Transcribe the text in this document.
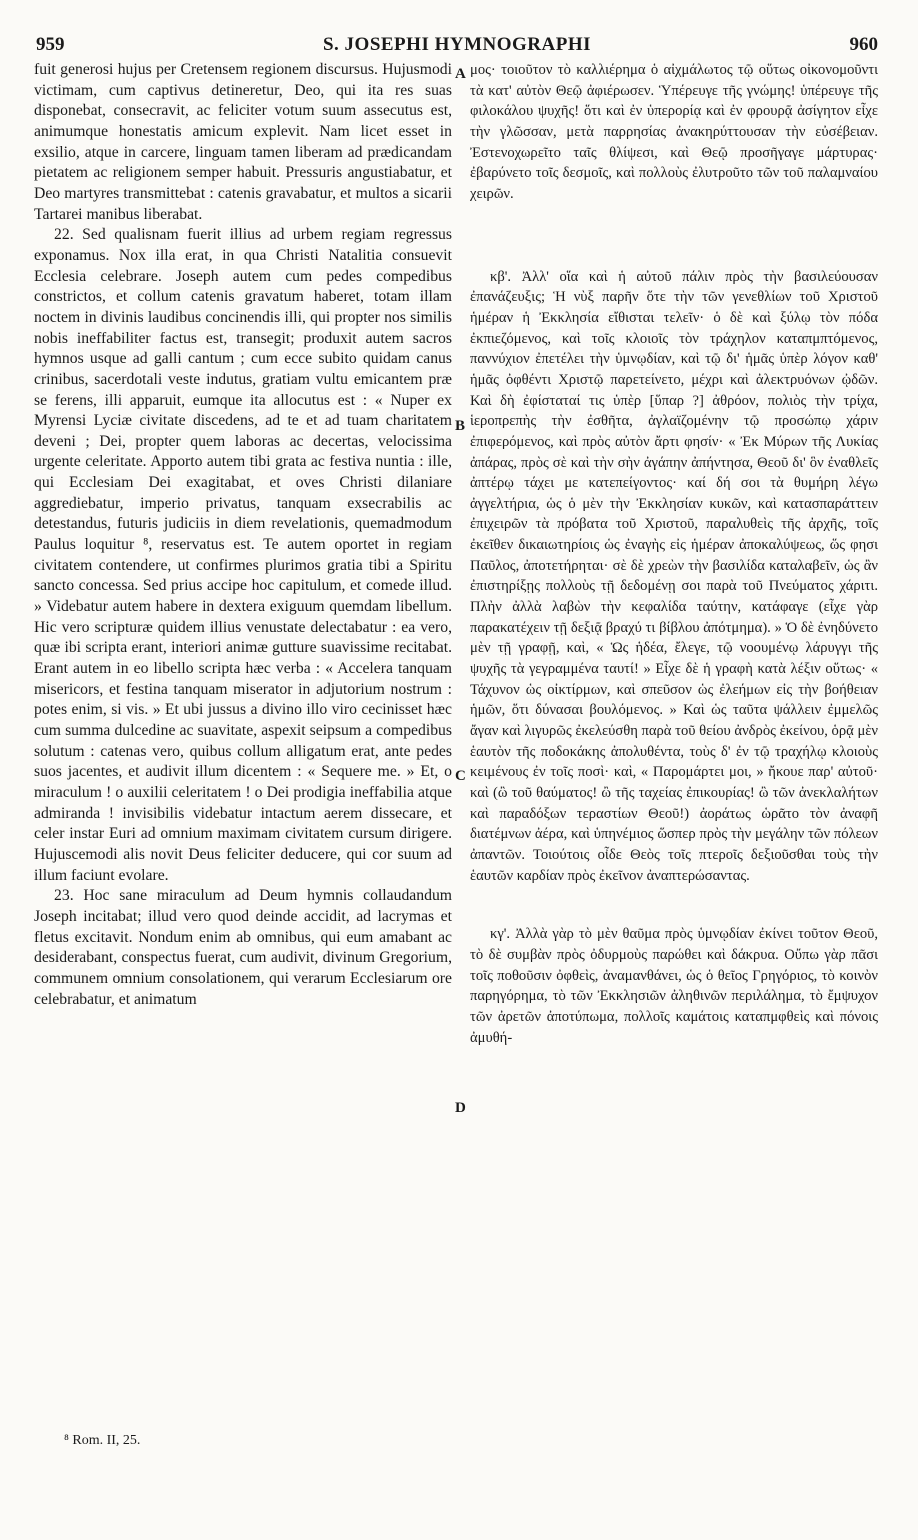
959	S. JOSEPHI HYMNOGRAPHI	960

fuit generosi hujus per Cretensem regionem discursus. Hujusmodi victimam, cum captivus detineretur, Deo, qui ita res suas disponebat, consecravit, ac feliciter votum suum assecutus est, animumque honestatis amicum explevit. Nam licet esset in exsilio, atque in carcere, linguam tamen liberam ad prædicandam pietatem ac religionem semper habuit. Pressuris angustiabatur, et Deo martyres transmittebat : catenis gravabatur, et multos a sicarii Tartarei manibus liberabat.

22. Sed qualisnam fuerit illius ad urbem regiam regressus exponamus. Nox illa erat, in qua Christi Natalitia consuevit Ecclesia celebrare. Joseph autem cum pedes compedibus constrictos, et collum catenis gravatum haberet, totam illam noctem in divinis laudibus concinendis illi, qui propter nos similis nobis ineffabiliter factus est, transegit; produxit autem sacros hymnos usque ad galli cantum ; cum ecce subito quidam canus crinibus, sacerdotali veste indutus, gratiam vultu emicantem præ se ferens, illi apparuit, eumque ita allocutus est : « Nuper ex Myrensi Lyciæ civitate discedens, ad te et ad tuam charitatem deveni ; Dei, propter quem laboras ac decertas, velocissima urgente celeritate. Apporto autem tibi grata ac festiva nuntia : ille, qui Ecclesiam Dei exagitabat, et oves Christi dilaniare aggrediebatur, imperio privatus, tanquam exsecrabilis ac detestandus, futuris judiciis in diem revelationis, quemadmodum Paulus loquitur ⁸, reservatus est. Te autem oportet in regiam civitatem contendere, ut confirmes plurimos gratia tibi a Spiritu sancto concessa. Sed prius accipe hoc capitulum, et comede illud. » Videbatur autem habere in dextera exiguum quemdam libellum. Hic vero scripturæ quidem illius venustate delectabatur : ea vero, quæ ibi scripta erant, interiori animæ gutture suavissime recitabat. Erant autem in eo libello scripta hæc verba : « Accelera tanquam misericors, et festina tanquam miserator in adjutorium nostrum : potes enim, si vis. » Et ubi jussus a divino illo viro cecinisset hæc cum summa dulcedine ac suavitate, aspexit seipsum a compedibus solutum : catenas vero, quibus collum alligatum erat, ante pedes suos jacentes, et audivit illum dicentem : « Sequere me. » Et, o miraculum ! o auxilii celeritatem ! o Dei prodigia ineffabilia atque admiranda ! invisibilis videbatur intactum aerem dissecare, et celer instar Euri ad omnium maximam civitatem cursum dirigere. Hujuscemodi alis novit Deus feliciter deducere, qui cor suum ad illum faciunt evolare.

23. Hoc sane miraculum ad Deum hymnis collaudandum Joseph incitabat; illud vero quod deinde accidit, ad lacrymas et fletus excitavit. Nondum enim ab omnibus, qui eum amabant ac desiderabant, conspectus fuerat, cum audivit, divinum Gregorium, communem omnium consolationem, qui verarum Ecclesiarum ore celebrabatur, et animatum

μος· τοιοῦτον τὸ καλλιέρημα ὁ αἰχμάλωτος τῷ οὕτως οἰκονομοῦντι τὰ κατ' αὐτὸν Θεῷ ἀφιέρωσεν. Ὑπέρευγε τῆς γνώμης! ὑπέρευγε τῆς φιλοκάλου ψυχῆς! ὅτι καὶ ἐν ὑπερορίᾳ καὶ ἐν φρουρᾷ ἀσίγητον εἶχε τὴν γλῶσσαν, μετὰ παρρησίας ἀνακηρύττουσαν τὴν εὐσέβειαν. Ἐστενοχωρεῖτο ταῖς θλίψεσι, καὶ Θεῷ προσῆγαγε μάρτυρας· ἐβαρύνετο τοῖς δεσμοῖς, καὶ πολλοὺς ἐλυτροῦτο τῶν τοῦ παλαμναίου χειρῶν.

κβ'. Ἀλλ' οἵα καὶ ἡ αὐτοῦ πάλιν πρὸς τὴν βασιλεύουσαν ἐπανάζευξις; Ἡ νὺξ παρῆν ὅτε τὴν τῶν γενεθλίων τοῦ Χριστοῦ ἡμέραν ἡ Ἐκκλησία εἴθισται τελεῖν· ὁ δὲ καὶ ξύλῳ τὸν πόδα ἐκπιεζόμενος, καὶ τοῖς κλοιοῖς τὸν τράχηλον καταπμπτόμενος, παννύχιον ἐπετέλει τὴν ὑμνῳδίαν, καὶ τῷ δι' ἡμᾶς ὑπὲρ λόγον καθ' ἡμᾶς ὀφθέντι Χριστῷ παρετείνετο, μέχρι καὶ ἀλεκτρυόνων ᾠδῶν. Καὶ δὴ ἐφίσταταί τις ὑπὲρ [ὕπαρ ?] ἀθρόον, πολιὸς τὴν τρίχα, ἱεροπρεπὴς τὴν ἐσθῆτα, ἀγλαϊζομένην τῷ προσώπῳ χάριν ἐπιφερόμενος, καὶ πρὸς αὐτὸν ἄρτι φησίν· « Ἐκ Μύρων τῆς Λυκίας ἀπάρας, πρὸς σὲ καὶ τὴν σὴν ἀγάπην ἀπήντησα, Θεοῦ δι' ὃν ἐναθλεῖς ἀπτέρῳ τάχει με κατεπείγοντος· καί δή σοι τὰ θυμήρη λέγω ἀγγελτήρια, ὡς ὁ μὲν τὴν Ἐκκλησίαν κυκῶν, καὶ κατασπαράττειν ἐπιχειρῶν τὰ πρόβατα τοῦ Χριστοῦ, παραλυθεὶς τῆς ἀρχῆς, τοῖς ἐκεῖθεν δικαιωτηρίοις ὡς ἐναγὴς εἰς ἡμέραν ἀποκαλύψεως, ὥς φησι Παῦλος, ἀποτετήρηται· σὲ δὲ χρεὼν τὴν βασιλίδα καταλαβεῖν, ὡς ἂν ἐπιστηρίξῃς πολλοὺς τῇ δεδομένῃ σοι παρὰ τοῦ Πνεύματος χάριτι. Πλὴν ἀλλὰ λαβὼν τὴν κεφαλίδα ταύτην, κατάφαγε (εἶχε γὰρ παρακατέχειν τῇ δεξιᾷ βραχύ τι βίβλου ἀπότμημα). » Ὁ δὲ ἐνηδύνετο μὲν τῇ γραφῇ, καὶ, « Ὡς ἡδέα, ἔλεγε, τῷ νοουμένῳ λάρυγγι τῆς ψυχῆς τὰ γεγραμμένα ταυτί! » Εἶχε δὲ ἡ γραφὴ κατὰ λέξιν οὕτως· « Τάχυνον ὡς οἰκτίρμων, καὶ σπεῦσον ὡς ἐλεήμων εἰς τὴν βοήθειαν ἡμῶν, ὅτι δύνασαι βουλόμενος. » Καὶ ὡς ταῦτα ψάλλειν ἐμμελῶς ἄγαν καὶ λιγυρῶς ἐκελεύσθη παρὰ τοῦ θείου ἀνδρὸς ἐκείνου, ὁρᾷ μὲν ἑαυτὸν τῆς ποδοκάκης ἀπολυθέντα, τοὺς δ' ἐν τῷ τραχήλῳ κλοιοὺς κειμένους ἐν τοῖς ποσὶ· καὶ, « Παρομάρτει μοι, » ἤκουε παρ' αὐτοῦ· καὶ (ὢ τοῦ θαύματος! ὢ τῆς ταχείας ἐπικουρίας! ὢ τῶν ἀνεκλαλήτων καὶ παραδόξων τεραστίων Θεοῦ!) ἀοράτως ὡρᾶτο τὸν ἀναφῆ διατέμνων ἀέρα, καὶ ὑπηνέμιος ὥσπερ πρὸς τὴν μεγάλην τῶν πόλεων ἀπαντῶν. Τοιούτοις οἶδε Θεὸς τοῖς πτεροῖς δεξιοῦσθαι τοὺς τὴν ἑαυτῶν καρδίαν πρὸς ἐκεῖνον ἀναπτερώσαντας.

κγ'. Ἀλλὰ γὰρ τὸ μὲν θαῦμα πρὸς ὑμνῳδίαν ἐκίνει τοῦτον Θεοῦ, τὸ δὲ συμβὰν πρὸς ὀδυρμοὺς παρώθει καὶ δάκρυα. Οὔπω γὰρ πᾶσι τοῖς ποθοῦσιν ὀφθεὶς, ἀναμανθάνει, ὡς ὁ θεῖος Γρηγόριος, τὸ κοινὸν παρηγόρημα, τὸ τῶν Ἐκκλησιῶν ἀληθινῶν περιλάλημα, τὸ ἔμψυχον τῶν ἀρετῶν ἀποτύπωμα, πολλοῖς καμάτοις καταπμφθεὶς καὶ πόνοις ἀμυθή-

A
B
C
D
⁸ Rom. II, 25.
